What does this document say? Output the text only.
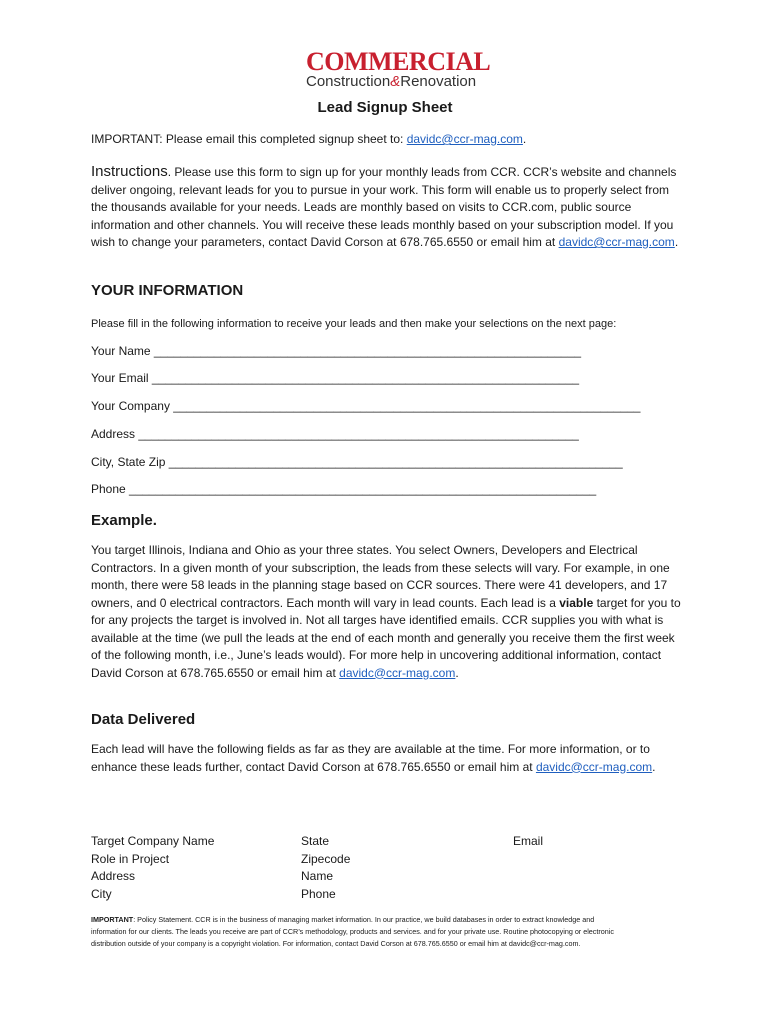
COMMERCIAL
Construction&Renovation
Lead Signup Sheet
IMPORTANT: Please email this completed signup sheet to: davidc@ccr-mag.com.
Instructions. Please use this form to sign up for your monthly leads from CCR. CCR’s website and channels deliver ongoing, relevant leads for you to pursue in your work. This form will enable us to properly select from the thousands available for your needs. Leads are monthly based on visits to CCR.com, public source information and other channels. You will receive these leads monthly based on your subscription model. If you wish to change your parameters, contact David Corson at 678.765.6550 or email him at davidc@ccr-mag.com.
YOUR INFORMATION
Please fill in the following information to receive your leads and then make your selections on the next page:
Your Name ________________________________________________________________
Your Email ________________________________________________________________
Your Company ______________________________________________________________________
Address __________________________________________________________________
City, State Zip ____________________________________________________________________
Phone ______________________________________________________________________
Example.
You target Illinois, Indiana and Ohio as your three states. You select Owners, Developers and Electrical Contractors. In a given month of your subscription, the leads from these selects will vary. For example, in one month, there were 58 leads in the planning stage based on CCR sources. There were 41 developers, and 17 owners, and 0 electrical contractors. Each month will vary in lead counts. Each lead is a viable target for you to for any projects the target is involved in. Not all targes have identified emails. CCR supplies you with what is available at the time (we pull the leads at the end of each month and generally you receive them the first week of the following month, i.e., June’s leads would). For more help in uncovering additional information, contact David Corson at 678.765.6550 or email him at davidc@ccr-mag.com.
Data Delivered
Each lead will have the following fields as far as they are available at the time. For more information, or to enhance these leads further, contact David Corson at 678.765.6550 or email him at davidc@ccr-mag.com.
Target Company Name
Role in Project
Address
City
State
Zipecode
Name
Phone
Email
IMPORTANT: Policy Statement. CCR is in the business of managing market information. In our practice, we build databases in order to extract knowledge and information for our clients. The leads you receive are part of CCR’s methodology, products and services. and for your private use. Routine photocopying or electronic distribution outside of your company is a copyright violation. For information, contact David Corson at 678.765.6550 or email him at davidc@ccr-mag.com.
